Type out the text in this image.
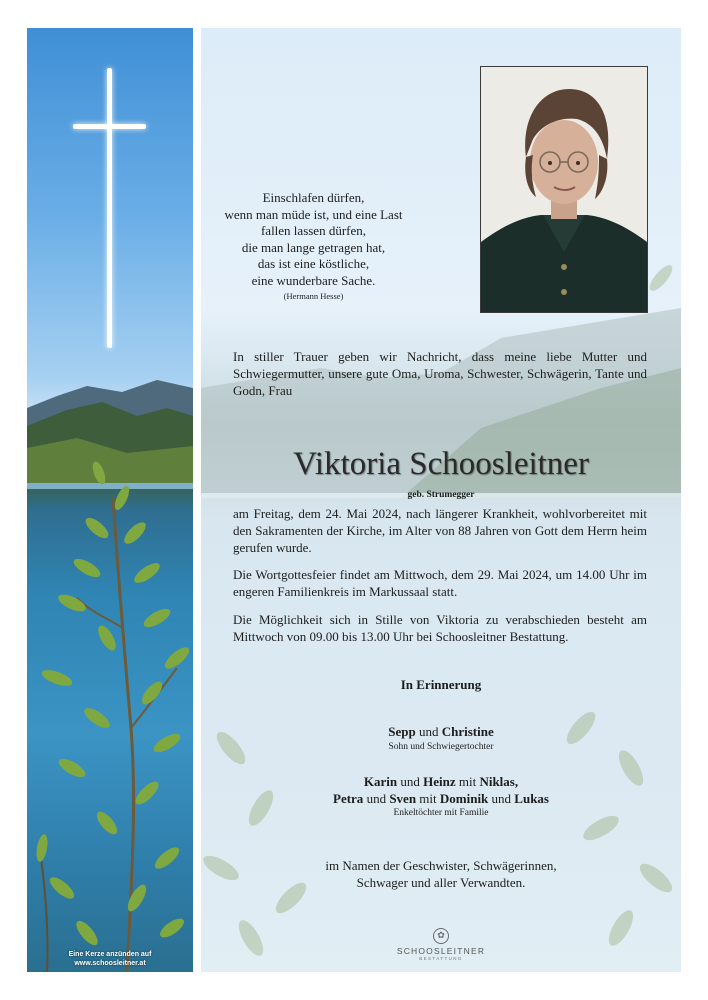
Eine Kerze anzünden auf
www.schoosleitner.at
Einschlafen dürfen,
wenn man müde ist, und eine Last
fallen lassen dürfen,
die man lange getragen hat,
das ist eine köstliche,
eine wunderbare Sache.
(Hermann Hesse)
In stiller Trauer geben wir Nachricht, dass meine liebe Mutter und Schwiegermutter, unsere gute Oma, Uroma, Schwester, Schwägerin, Tante und Godn, Frau
Viktoria Schoosleitner
geb. Strumegger
am Freitag, dem 24. Mai 2024, nach längerer Krankheit, wohlvorbereitet mit den Sakramenten der Kirche, im Alter von 88 Jahren von Gott dem Herrn heim gerufen wurde.
Die Wortgottesfeier findet am Mittwoch, dem 29. Mai 2024, um 14.00 Uhr im engeren Familienkreis im Markussaal statt.
Die Möglichkeit sich in Stille von Viktoria zu verabschieden besteht am Mittwoch von 09.00 bis 13.00 Uhr bei Schoosleitner Bestattung.
In Erinnerung
Sepp und Christine
Sohn und Schwiegertochter
Karin und Heinz mit Niklas,
Petra und Sven mit Dominik und Lukas
Enkeltöchter mit Familie
im Namen der Geschwister, Schwägerinnen,
Schwager und aller Verwandten.
✿
SCHOOSLEITNER
BESTATTUNG
